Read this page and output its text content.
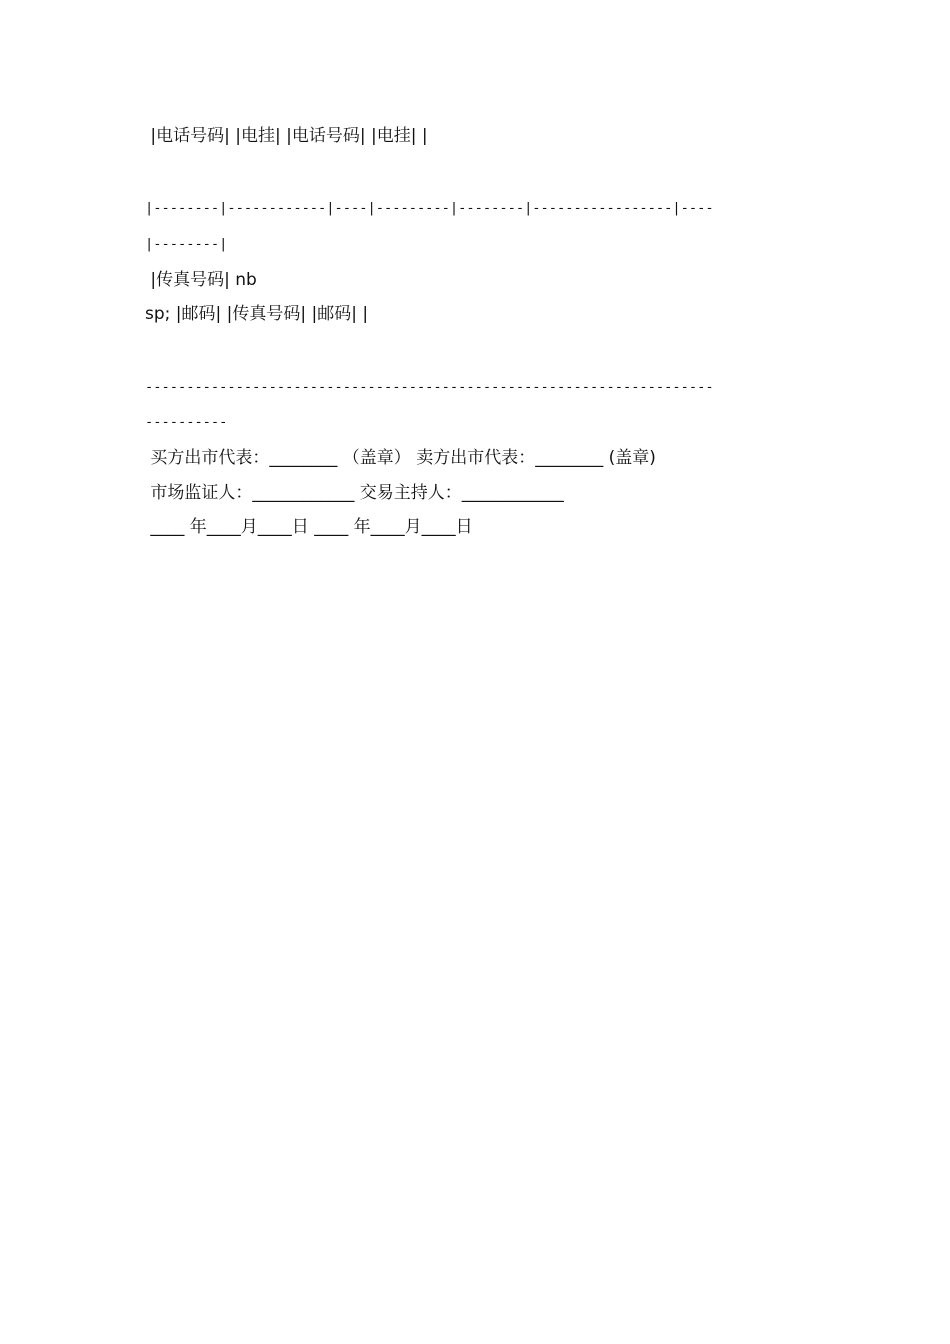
|电话号码| |电挂| |电话号码| |电挂| |
|--------|------------|----|---------|--------|-----------------|----
|--------|
|传真号码| nb
sp; |邮码| |传真号码| |邮码| |
---------------------------------------------------------------------
----------
买方出市代表：________ （盖章） 卖方出市代表：________ (盖章)
市场监证人：____________ 交易主持人：____________
____ 年____月____日 ____ 年____月____日
